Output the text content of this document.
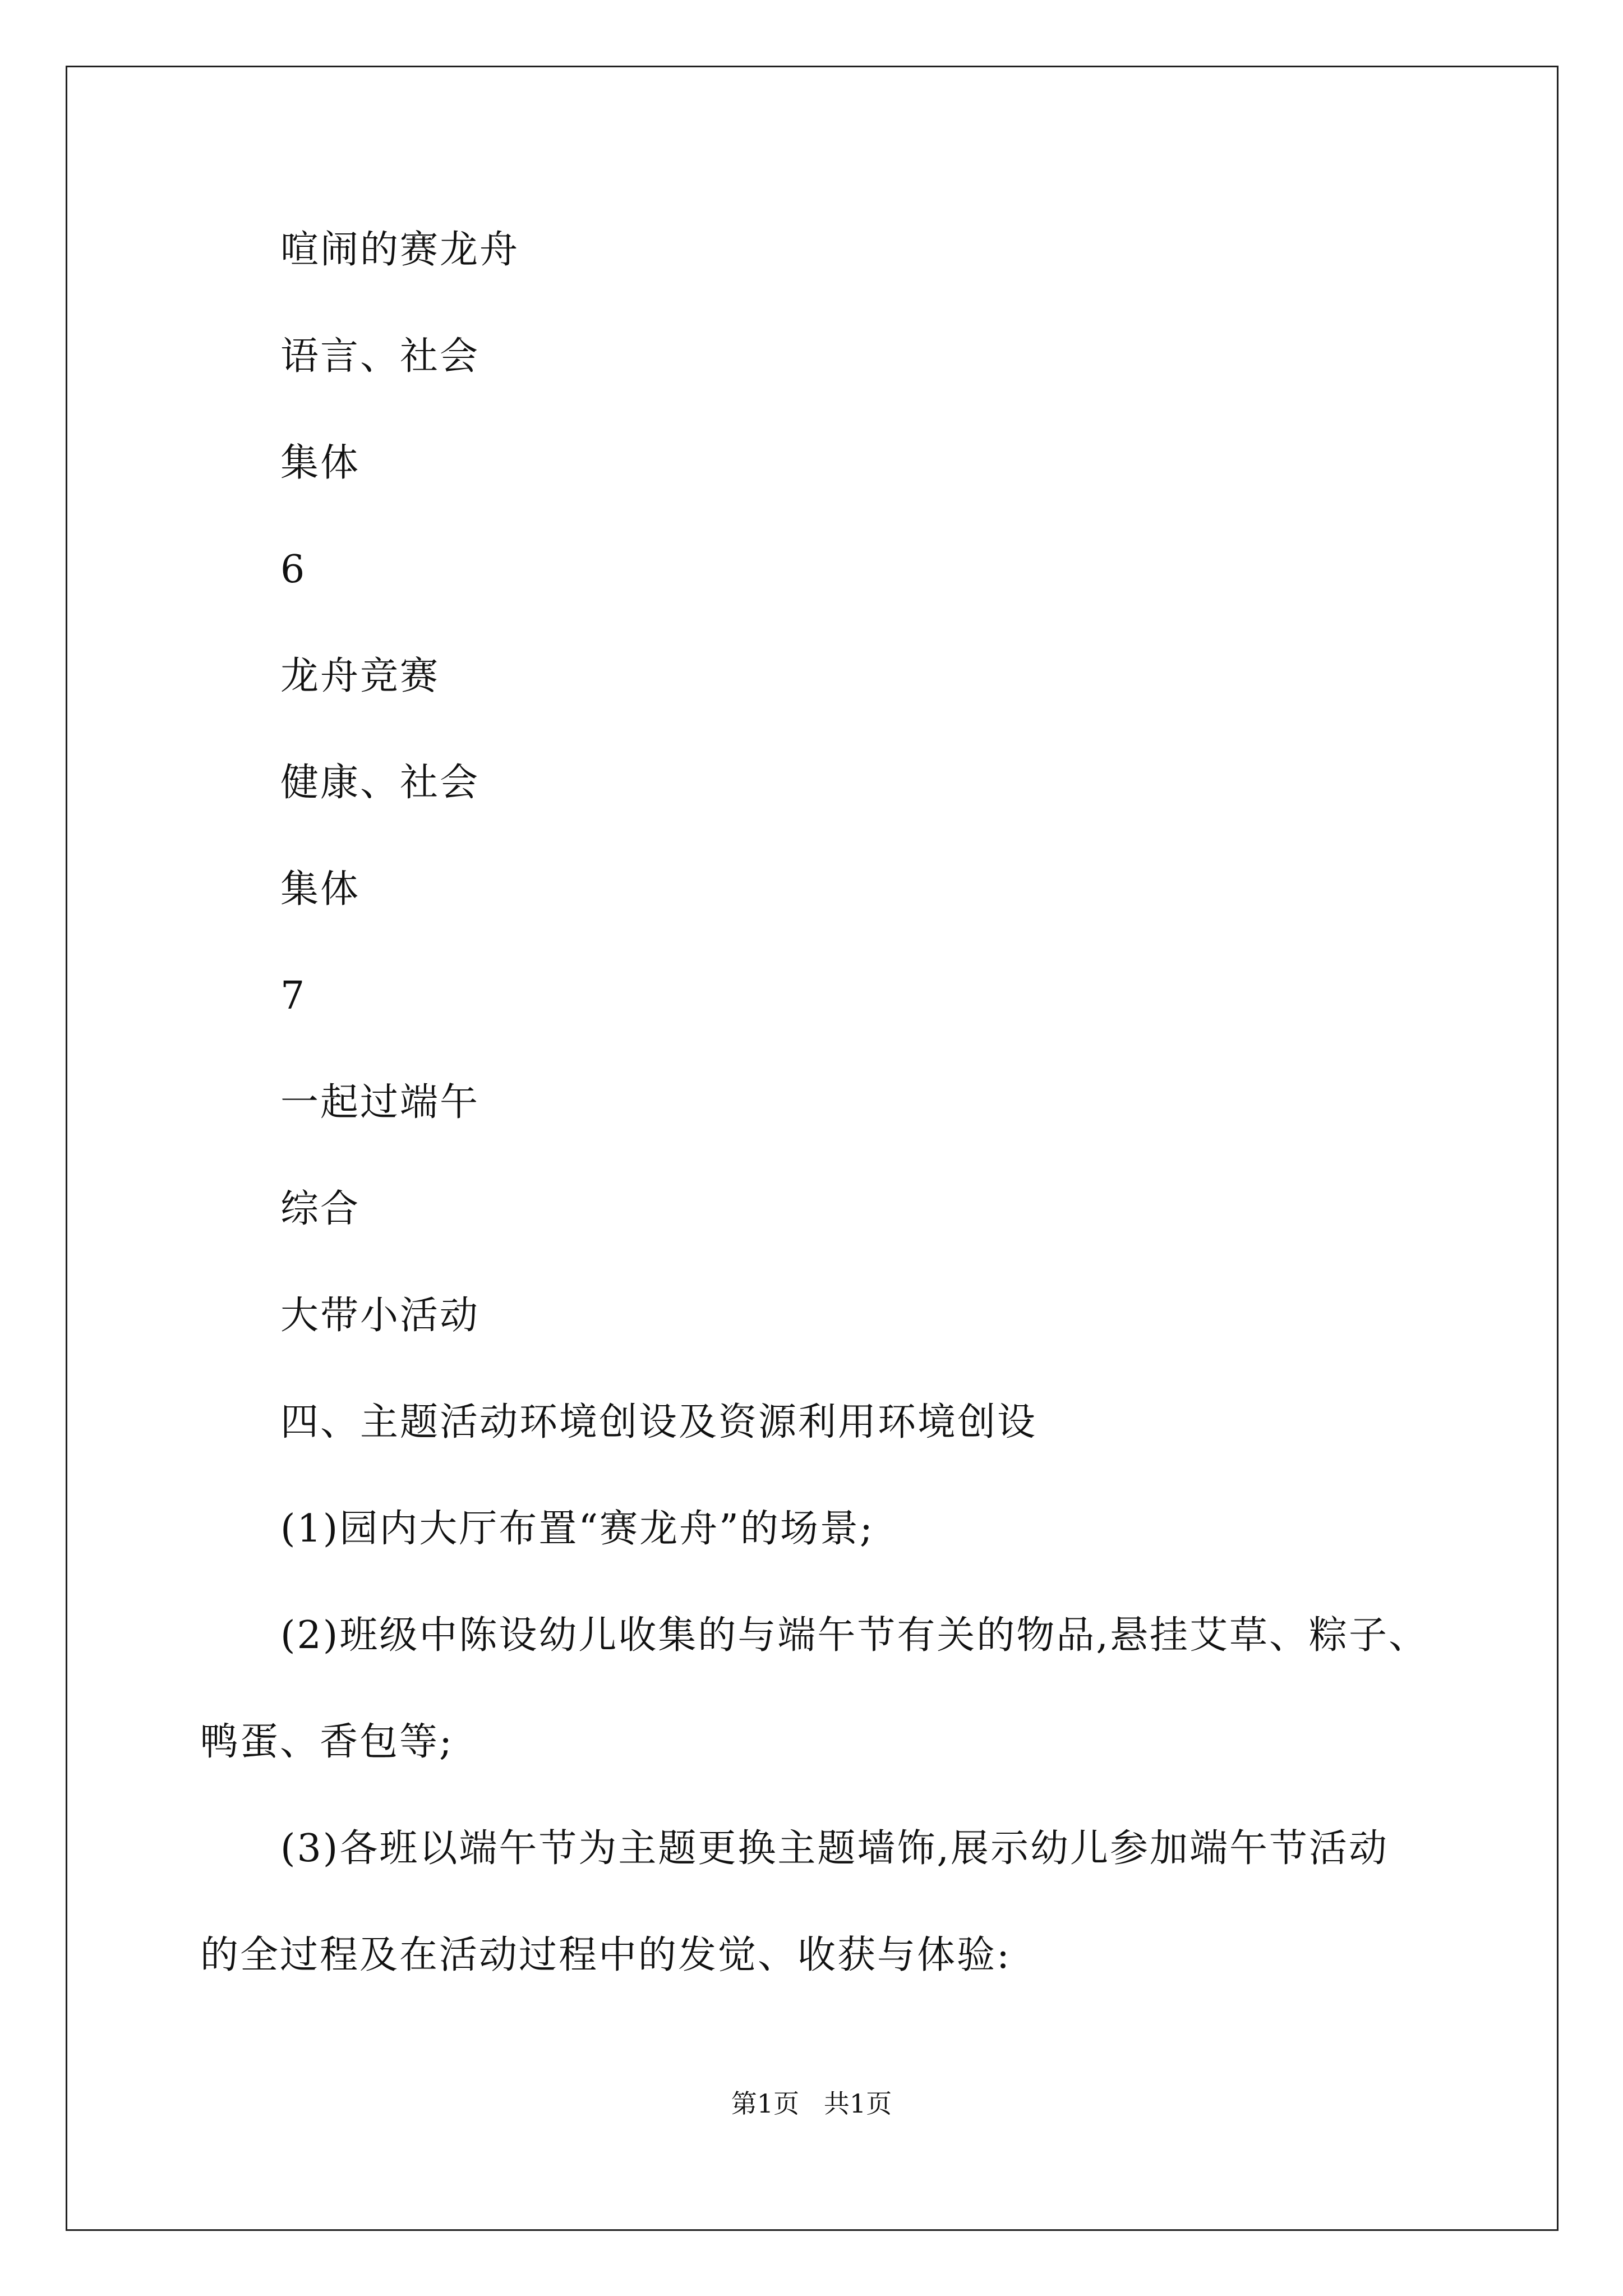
喧闹的赛龙舟
语言、社会
集体
6
龙舟竞赛
健康、社会
集体
7
一起过端午
综合
大带小活动
四、主题活动环境创设及资源利用环境创设
(1)园内大厅布置“赛龙舟”的场景;
(2)班级中陈设幼儿收集的与端午节有关的物品,悬挂艾草、粽子、
鸭蛋、香包等;
(3)各班以端午节为主题更换主题墙饰,展示幼儿参加端午节活动
的全过程及在活动过程中的发觉、收获与体验:
第1页   共1页
